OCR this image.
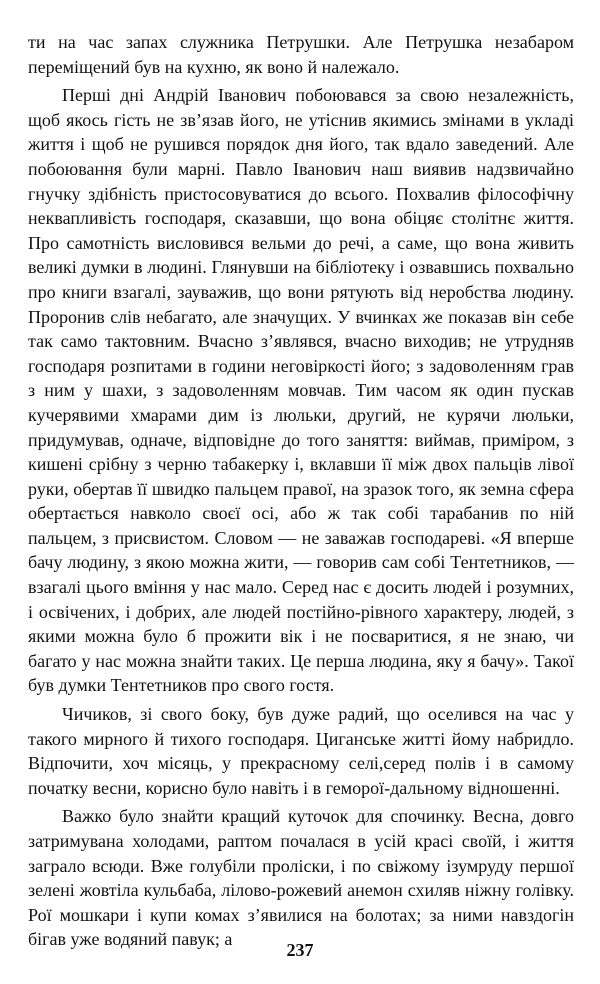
ти на час запах служника Петрушки. Але Петрушка незабаром переміщений був на кухню, як воно й належало.

Перші дні Андрій Іванович побоювався за свою незалежність, щоб якось гість не зв’язав його, не утіснив якимись змінами в укладі життя і щоб не рушився порядок дня його, так вдало заведений. Але побоювання були марні. Павло Іванович наш виявив надзвичайно гнучку здібність пристосовуватися до всього. Похвалив філософічну неквапливість господаря, сказавши, що вона обіцяє столітнє життя. Про самотність висловився вельми до речі, а саме, що вона живить великі думки в людині. Глянувши на бібліотеку і озвавшись похвально про книги взагалі, зауважив, що вони рятують від неробства людину. Проронив слів небагато, але значущих. У вчинках же показав він себе так само тактовним. Вчасно з’являвся, вчасно виходив; не утрудняв господаря розпитами в години неговіркості його; з задоволенням грав з ним у шахи, з задоволенням мовчав. Тим часом як один пускав кучерявими хмарами дим із люльки, другий, не курячи люльки, придумував, одначе, відповідне до того заняття: виймав, примiром, з кишені срібну з черню табакерку і, вклавши її між двох пальців лівої руки, обертав її швидко пальцем правої, на зразок того, як земна сфера обертається навколо своєї осі, або ж так собі тарабанив по ній пальцем, з присвистом. Словом — не заважав господареві. «Я вперше бачу людину, з якою можна жити, — говорив сам собі Тентетников, — взагалі цього вміння у нас мало. Серед нас є досить людей і розумних, і освічених, і добрих, але людей постійно-рівного характеру, людей, з якими можна було б прожити вік і не посваритися, я не знаю, чи багато у нас можна знайти таких. Це перша людина, яку я бачу». Такої був думки Тентетников про свого гостя.

Чичиков, зі свого боку, був дуже радий, що оселився на час у такого мирного й тихого господаря. Циганське житті йому набридло. Відпочити, хоч місяць, у прекрасному селі,серед полів і в самому початку весни, корисно було навіть і в геморої-дальному відношенні.

Важко було знайти кращий куточок для спочинку. Весна, довго затримувана холодами, раптом почалася в усій красі своїй, і життя заграло всюди. Вже голубіли проліски, і по свіжому ізумруду першої зелені жовтіла кульбаба, лілово-рожевий анемон схиляв ніжну голівку. Рої мошкари і купи комах з’явилися на болотах; за ними навздогін бігав уже водяний павук; а

237
